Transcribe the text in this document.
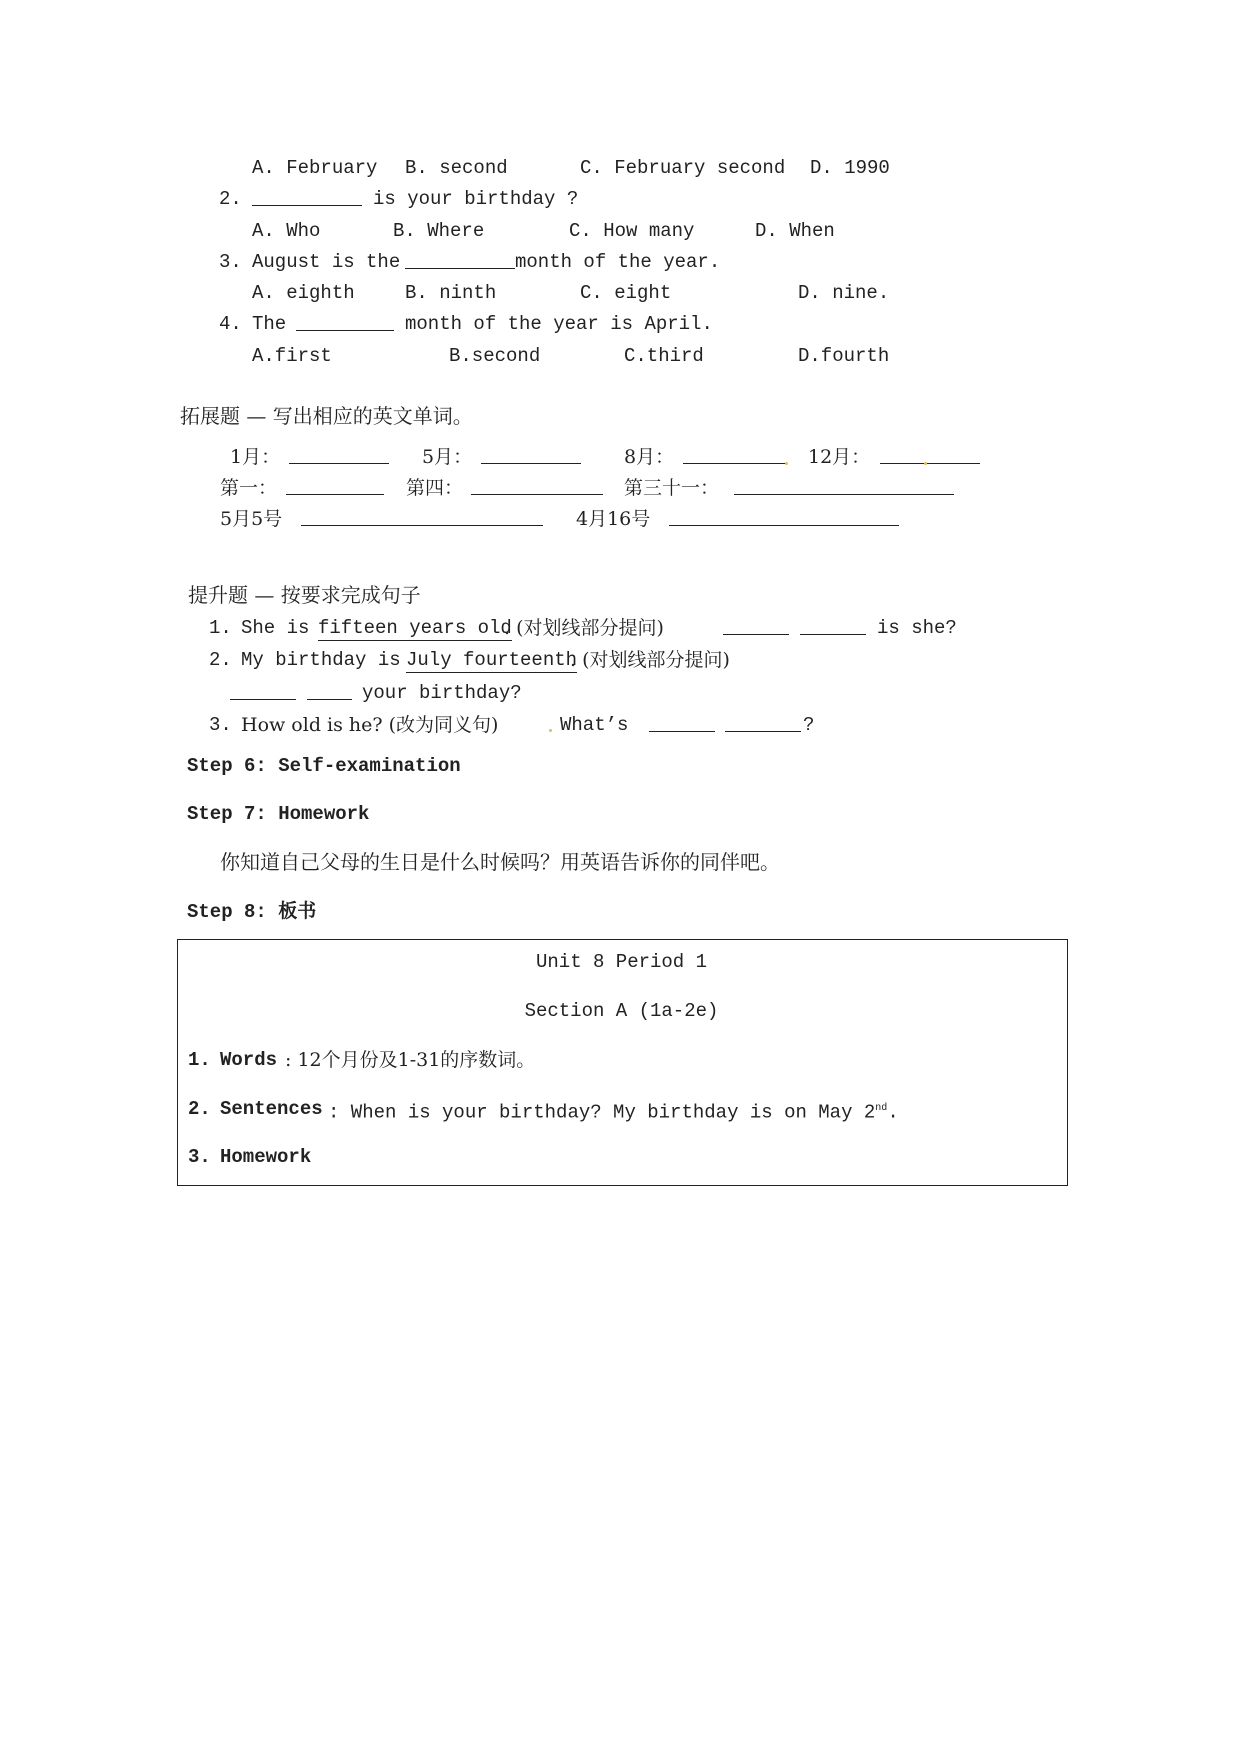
A. February B. second	C. February second D. 1990
2.	is your birthday ?
A. Who	B. Where	C. How many	D. When
3. August is the	month of the year.
A. eighth	B. ninth	C. eight	D. nine.
4. The	month of the year is April.
A.first	B.second	C.third	D.fourth
拓展题 — 写出相应的英文单词。
1月：	5月：	8月：	12月：
第一：	第四：	第三十一：
5月5号	4月16号
提升题 — 按要求完成句子
1. She is fifteen years old
. (对划线部分提问)	is she?
2. My birthday is July fourteenth
. (对划线部分提问)
your birthday?
3. How old is he? (改为同义句)	What’s	?
Step 6: Self-examination
Step 7: Homework
你知道自己父母的生日是什么时候吗？用英语告诉你的同伴吧。
Step 8: 板书
Unit 8 Period 1
Section A (1a-2e)
1. Words : 12个月份及1-31的序数词。
2. Sentences : When is your birthday? My birthday is on May 2nd.
3. Homework
